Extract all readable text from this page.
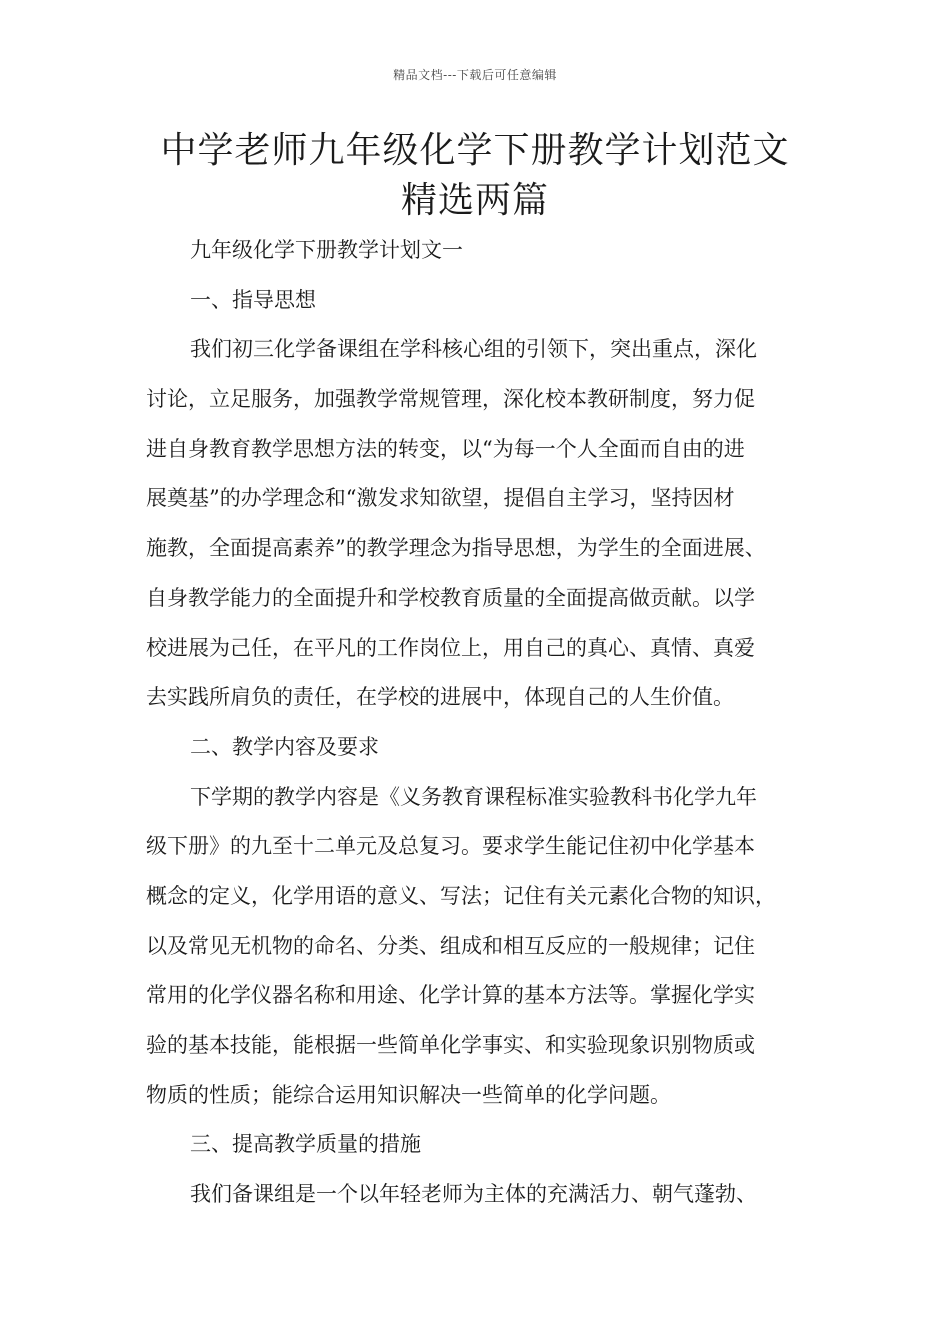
精品文档---下载后可任意编辑
中学老师九年级化学下册教学计划范文
精选两篇
九年级化学下册教学计划文一
一、指导思想
我们初三化学备课组在学科核心组的引领下，突出重点，深化
讨论，立足服务，加强教学常规管理，深化校本教研制度，努力促
进自身教育教学思想方法的转变，以“为每一个人全面而自由的进
展奠基”的办学理念和“激发求知欲望，提倡自主学习，坚持因材
施教，全面提高素养”的教学理念为指导思想，为学生的全面进展、
自身教学能力的全面提升和学校教育质量的全面提高做贡献。以学
校进展为己任，在平凡的工作岗位上，用自己的真心、真情、真爱
去实践所肩负的责任，在学校的进展中，体现自己的人生价值。
二、教学内容及要求
下学期的教学内容是《义务教育课程标准实验教科书化学九年
级下册》的九至十二单元及总复习。要求学生能记住初中化学基本
概念的定义，化学用语的意义、写法；记住有关元素化合物的知识，
以及常见无机物的命名、分类、组成和相互反应的一般规律；记住
常用的化学仪器名称和用途、化学计算的基本方法等。掌握化学实
验的基本技能，能根据一些简单化学事实、和实验现象识别物质或
物质的性质；能综合运用知识解决一些简单的化学问题。
三、提高教学质量的措施
我们备课组是一个以年轻老师为主体的充满活力、朝气蓬勃、
